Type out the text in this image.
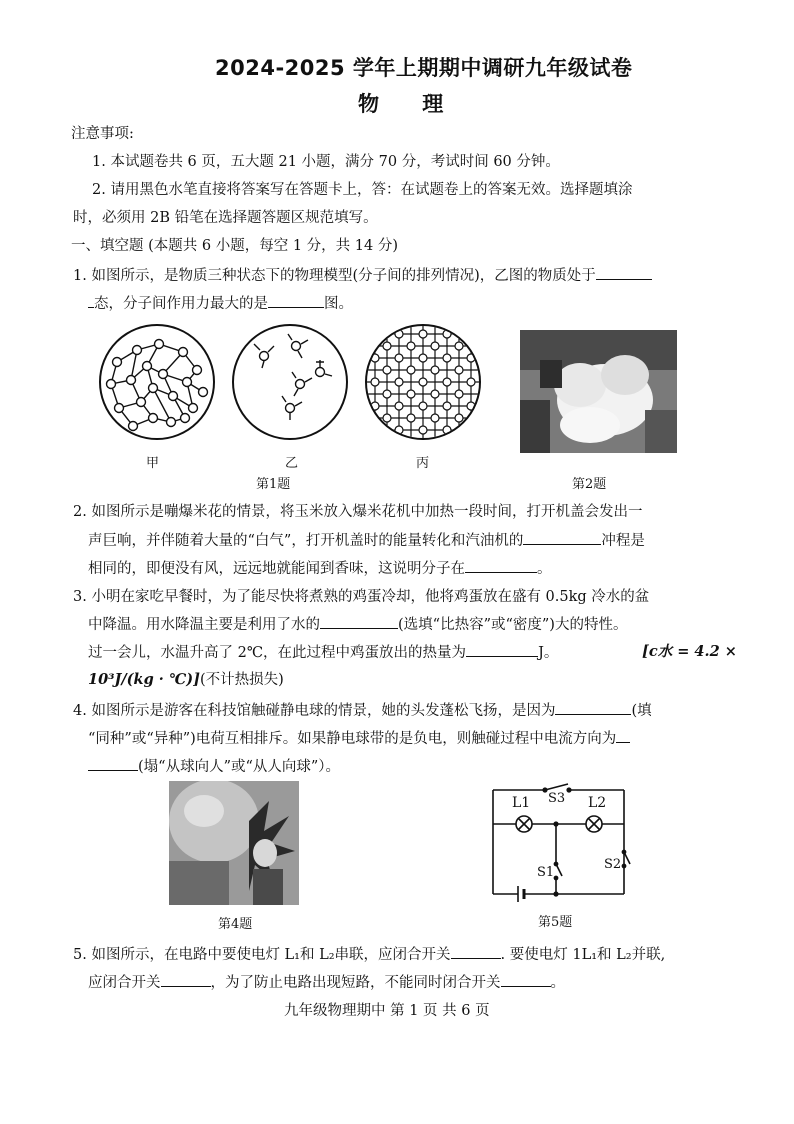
2024-2025 学年上期期中调研九年级试卷
物 理
注意事项:
1. 本试题卷共 6 页，五大题 21 小题，满分 70 分，考试时间 60 分钟。
2. 请用黑色水笔直接将答案写在答题卡上，答：在试题卷上的答案无效。选择题填涂
时，必须用 2B 铅笔在选择题答题区规范填写。
一、填空题 (本题共 6 小题，每空 1 分，共 14 分)
1. 如图所示，是物质三种状态下的物理模型(分子间的排列情况)，乙图的物质处于
态，分子间作用力最大的是	图。
甲	乙	丙
第1题	第2题
2. 如图所示是嘣爆米花的情景，将玉米放入爆米花机中加热一段时间，打开机盖会发出一
声巨响，并伴随着大量的“白气”，打开机盖时的能量转化和汽油机的	冲程是
相同的，即便没有风，远远地就能闻到香味，这说明分子在	。
3. 小明在家吃早餐时，为了能尽快将煮熟的鸡蛋冷却，他将鸡蛋放在盛有 0.5kg 冷水的盆
中降温。用水降温主要是利用了水的	(选填“比热容”或“密度”)大的特性。
过一会儿，水温升高了 2℃，在此过程中鸡蛋放出的热量为	J。	[c水 = 4.2 ×
10³J/(kg · ℃)](不计热损失)
4. 如图所示是游客在科技馆触碰静电球的情景，她的头发蓬松飞扬，是因为	(填
“同种”或“异种”)电荷互相排斥。如果静电球带的是负电，则触碰过程中电流方向为
(塌“从球向人”或“从人向球”）。
第4题
L1	L2
S3
S1
S2
第5题
5. 如图所示，在电路中要使电灯 L₁和 L₂串联，应闭合开关	. 要使电灯 1L₁和 L₂并联,
应闭合开关	，为了防止电路出现短路，不能同时闭合开关	。
九年级物理期中 第 1 页 共 6 页
